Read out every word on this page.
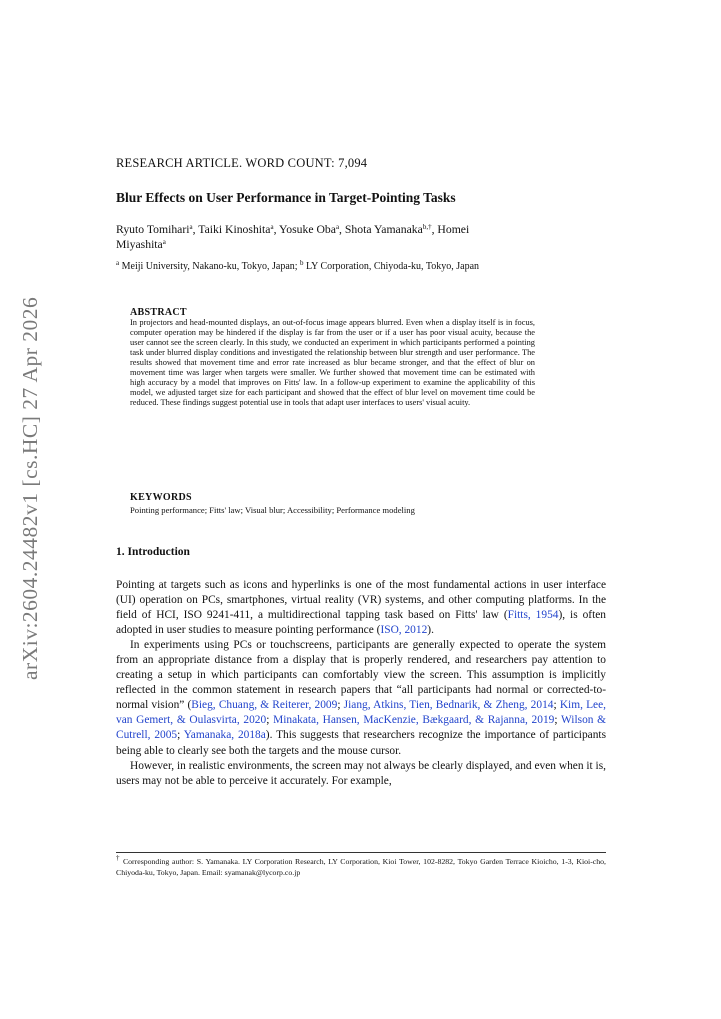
arXiv:2604.24482v1 [cs.HC] 27 Apr 2026
RESEARCH ARTICLE. WORD COUNT: 7,094
Blur Effects on User Performance in Target-Pointing Tasks
Ryuto Tomihari$^a$, Taiki Kinoshita$^a$, Yosuke Oba$^a$, Shota Yamanaka$^{b,\dagger}$, Homei
Miyashita$^a$
$^a$ Meiji University, Nakano-ku, Tokyo, Japan; $^b$ LY Corporation, Chiyoda-ku, Tokyo, Japan
ABSTRACT
In projectors and head-mounted displays, an out-of-focus image appears blurred. Even when a display itself is in focus, computer operation may be hindered if the display is far from the user or if a user has poor visual acuity, because the user cannot see the screen clearly. In this study, we conducted an experiment in which participants performed a pointing task under blurred display conditions and investigated the relationship between blur strength and user performance. The results showed that movement time and error rate increased as blur became stronger, and that the effect of blur on movement time was larger when targets were smaller. We further showed that movement time can be estimated with high accuracy by a model that improves on Fitts' law. In a follow-up experiment to examine the applicability of this model, we adjusted target size for each participant and showed that the effect of blur level on movement time could be reduced. These findings suggest potential use in tools that adapt user interfaces to users' visual acuity.
KEYWORDS
Pointing performance; Fitts' law; Visual blur; Accessibility; Performance modeling
1. Introduction

Pointing at targets such as icons and hyperlinks is one of the most fundamental actions in user interface (UI) operation on PCs, smartphones, virtual reality (VR) systems, and other computing platforms. In the field of HCI, ISO 9241-411, a multidirectional tapping task based on Fitts' law (Fitts, 1954), is often adopted in user studies to measure pointing performance (ISO, 2012).

In experiments using PCs or touchscreens, participants are generally expected to operate the system from an appropriate distance from a display that is properly rendered, and researchers pay attention to creating a setup in which participants can comfortably view the screen. This assumption is implicitly reflected in the common statement in research papers that “all participants had normal or corrected-to-normal vision” (Bieg, Chuang, & Reiterer, 2009; Jiang, Atkins, Tien, Bednarik, & Zheng, 2014; Kim, Lee, van Gemert, & Oulasvirta, 2020; Minakata, Hansen, MacKenzie, Bækgaard, & Rajanna, 2019; Wilson & Cutrell, 2005; Yamanaka, 2018a). This suggests that researchers recognize the importance of participants being able to clearly see both the targets and the mouse cursor.

However, in realistic environments, the screen may not always be clearly displayed, and even when it is, users may not be able to perceive it accurately. For example,

† Corresponding author: S. Yamanaka. LY Corporation Research, LY Corporation, Kioi Tower, 102-8282, Tokyo Garden Terrace Kioicho, 1-3, Kioi-cho, Chiyoda-ku, Tokyo, Japan. Email: syamanak@lycorp.co.jp
